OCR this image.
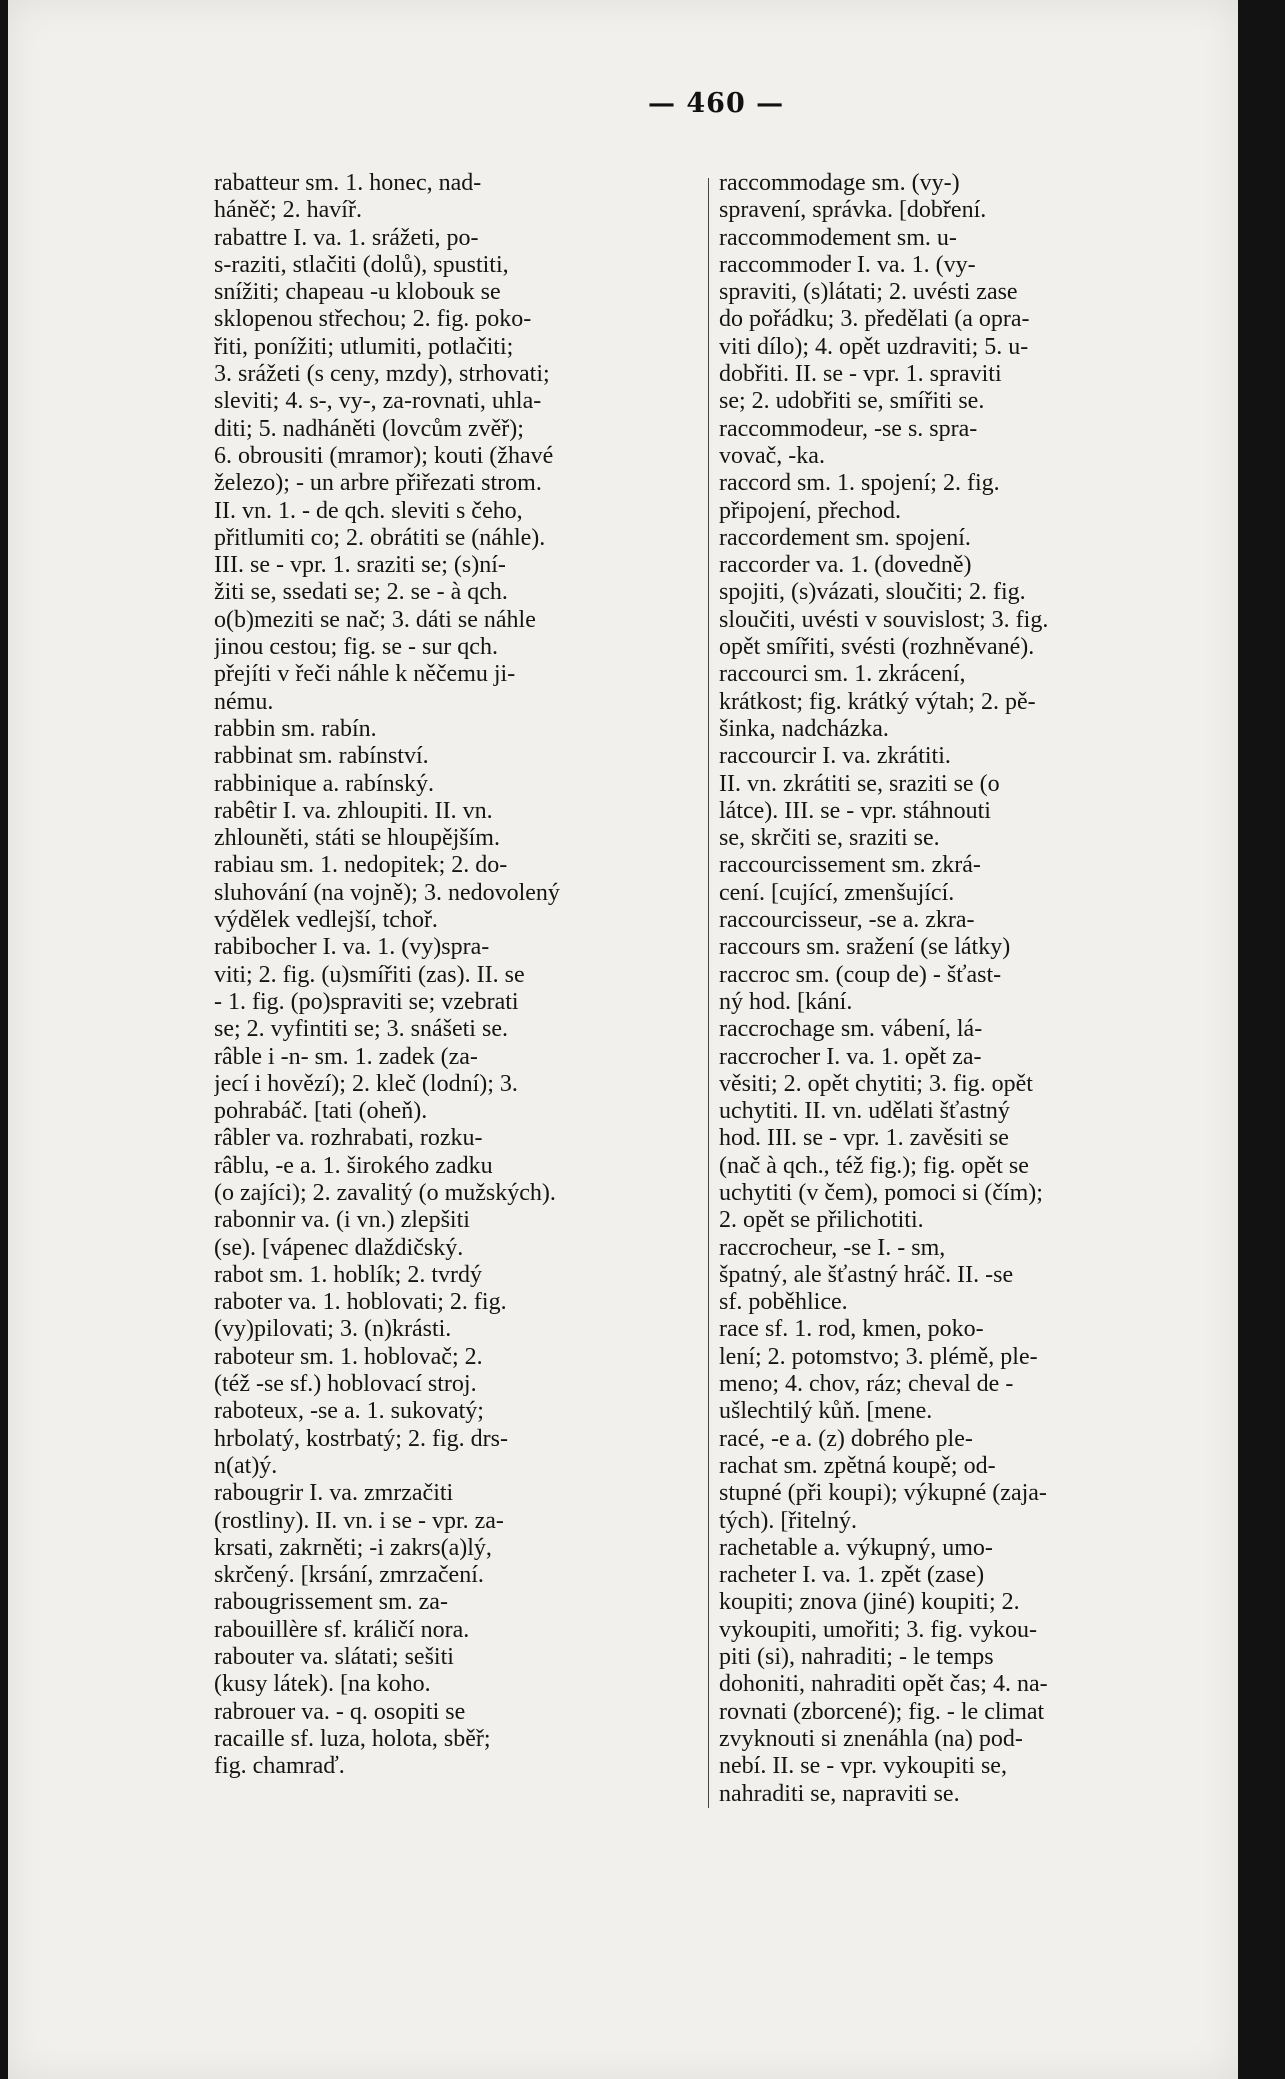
— 460 —
rabatteur sm. 1. honec, nad-
háněč; 2. havíř.
rabattre I. va. 1. srážeti, po-
s-raziti, stlačiti (dolů), spustiti,
snížiti; chapeau -u klobouk se
sklopenou střechou; 2. fig. poko-
řiti, ponížiti; utlumiti, potlačiti;
3. srážeti (s ceny, mzdy), strhovati;
sleviti; 4. s-, vy-, za-rovnati, uhla-
diti; 5. nadháněti (lovcům zvěř);
6. obrousiti (mramor); kouti (žhavé
železo); - un arbre přiřezati strom.
II. vn. 1. - de qch. sleviti s čeho,
přitlumiti co; 2. obrátiti se (náhle).
III. se - vpr. 1. sraziti se; (s)ní-
žiti se, ssedati se; 2. se - à qch.
o(b)meziti se nač; 3. dáti se náhle
jinou cestou; fig. se - sur qch.
přejíti v řeči náhle k něčemu ji-
nému.
rabbin sm. rabín.
rabbinat sm. rabínství.
rabbinique a. rabínský.
rabêtir I. va. zhloupiti. II. vn.
zhlouněti, státi se hloupějším.
rabiau sm. 1. nedopitek; 2. do-
sluhování (na vojně); 3. nedovolený
výdělek vedlejší, tchoř.
rabibocher I. va. 1. (vy)spra-
viti; 2. fig. (u)smířiti (zas). II. se
- 1. fig. (po)spraviti se; vzebrati
se; 2. vyfintiti se; 3. snášeti se.
râble i -n- sm. 1. zadek (za-
jecí i hovězí); 2. kleč (lodní); 3.
pohrabáč. [tati (oheň).
râbler va. rozhrabati, rozku-
râblu, -e a. 1. širokého zadku
(o zajíci); 2. zavalitý (o mužských).
rabonnir va. (i vn.) zlepšiti
(se). [vápenec dlaždičský.
rabot sm. 1. hoblík; 2. tvrdý
raboter va. 1. hoblovati; 2. fig.
(vy)pilovati; 3. (n)krásti.
raboteur sm. 1. hoblovač; 2.
(též -se sf.) hoblovací stroj.
raboteux, -se a. 1. sukovatý;
hrbolatý, kostrbatý; 2. fig. drs-
n(at)ý.
rabougrir I. va. zmrzačiti
(rostliny). II. vn. i se - vpr. za-
krsati, zakrněti; -i zakrs(a)lý,
skrčený. [krsání, zmrzačení.
rabougrissement sm. za-
rabouillère sf. králičí nora.
rabouter va. slátati; sešiti
(kusy látek). [na koho.
rabrouer va. - q. osopiti se
racaille sf. luza, holota, sběř;
fig. chamraď.
raccommodage sm. (vy-)
spravení, správka. [dobření.
raccommodement sm. u-
raccommoder I. va. 1. (vy-
spraviti, (s)látati; 2. uvésti zase
do pořádku; 3. předělati (a opra-
viti dílo); 4. opět uzdraviti; 5. u-
dobřiti. II. se - vpr. 1. spraviti
se; 2. udobřiti se, smířiti se.
raccommodeur, -se s. spra-
vovač, -ka.
raccord sm. 1. spojení; 2. fig.
připojení, přechod.
raccordement sm. spojení.
raccorder va. 1. (dovedně)
spojiti, (s)vázati, sloučiti; 2. fig.
sloučiti, uvésti v souvislost; 3. fig.
opět smířiti, svésti (rozhněvané).
raccourci sm. 1. zkrácení,
krátkost; fig. krátký výtah; 2. pě-
šinka, nadcházka.
raccourcir I. va. zkrátiti.
II. vn. zkrátiti se, sraziti se (o
látce). III. se - vpr. stáhnouti
se, skrčiti se, sraziti se.
raccourcissement sm. zkrá-
cení. [cující, zmenšující.
raccourcisseur, -se a. zkra-
raccours sm. sražení (se látky)
raccroc sm. (coup de) - šťast-
ný hod. [kání.
raccrochage sm. vábení, lá-
raccrocher I. va. 1. opět za-
věsiti; 2. opět chytiti; 3. fig. opět
uchytiti. II. vn. udělati šťastný
hod. III. se - vpr. 1. zavěsiti se
(nač à qch., též fig.); fig. opět se
uchytiti (v čem), pomoci si (čím);
2. opět se přilichotiti.
raccrocheur, -se I. - sm,
špatný, ale šťastný hráč. II. -se
sf. poběhlice.
race sf. 1. rod, kmen, poko-
lení; 2. potomstvo; 3. plémě, ple-
meno; 4. chov, ráz; cheval de -
ušlechtilý kůň. [mene.
racé, -e a. (z) dobrého ple-
rachat sm. zpětná koupě; od-
stupné (při koupi); výkupné (zaja-
tých). [řitelný.
rachetable a. výkupný, umo-
racheter I. va. 1. zpět (zase)
koupiti; znova (jiné) koupiti; 2.
vykoupiti, umořiti; 3. fig. vykou-
piti (si), nahraditi; - le temps
dohoniti, nahraditi opět čas; 4. na-
rovnati (zborcené); fig. - le climat
zvyknouti si znenáhla (na) pod-
nebí. II. se - vpr. vykoupiti se,
nahraditi se, napraviti se.
